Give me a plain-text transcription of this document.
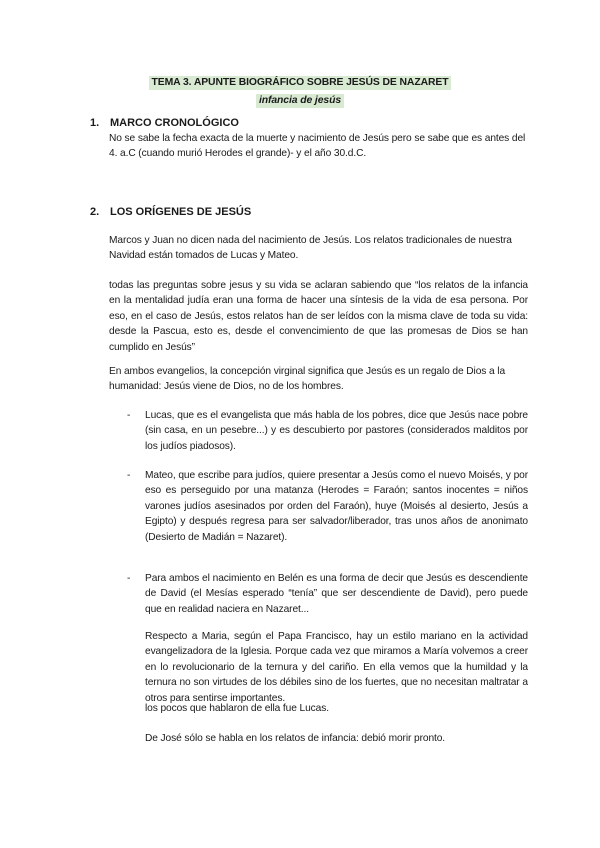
TEMA 3. APUNTE BIOGRÁFICO SOBRE JESÚS DE NAZARET
infancia de jesús
1. MARCO CRONOLÓGICO

No se sabe la fecha exacta de la muerte y nacimiento de Jesús pero se sabe que es antes del 4. a.C (cuando murió Herodes el grande)- y el año 30.d.C.

2. LOS ORÍGENES DE JESÚS

Marcos y Juan no dicen nada del nacimiento de Jesús. Los relatos tradicionales de nuestra Navidad están tomados de Lucas y Mateo.

todas las preguntas sobre jesus y su vida se aclaran sabiendo que “los relatos de la infancia en la mentalidad judía eran una forma de hacer una síntesis de la vida de esa persona. Por eso, en el caso de Jesús, estos relatos han de ser leídos con la misma clave de toda su vida: desde la Pascua, esto es, desde el convencimiento de que las promesas de Dios se han cumplido en Jesús”

En ambos evangelios, la concepción virginal significa que Jesús es un regalo de Dios a la humanidad: Jesús viene de Dios, no de los hombres.

- Lucas, que es el evangelista que más habla de los pobres, dice que Jesús nace pobre (sin casa, en un pesebre...) y es descubierto por pastores (considerados malditos por los judíos piadosos).

- Mateo, que escribe para judíos, quiere presentar a Jesús como el nuevo Moisés, y por eso es perseguido por una matanza (Herodes = Faraón; santos inocentes = niños varones judíos asesinados por orden del Faraón), huye (Moisés al desierto, Jesús a Egipto) y después regresa para ser salvador/liberador, tras unos años de anonimato (Desierto de Madián = Nazaret).

- Para ambos el nacimiento en Belén es una forma de decir que Jesús es descendiente de David (el Mesías esperado “tenía” que ser descendiente de David), pero puede que en realidad naciera en Nazaret...

Respecto a Maria, según el Papa Francisco, hay un estilo mariano en la actividad evangelizadora de la Iglesia. Porque cada vez que miramos a María volvemos a creer en lo revolucionario de la ternura y del cariño. En ella vemos que la humildad y la ternura no son virtudes de los débiles sino de los fuertes, que no necesitan maltratar a otros para sentirse importantes.

los pocos que hablaron de ella fue Lucas.

De José sólo se habla en los relatos de infancia: debió morir pronto.
